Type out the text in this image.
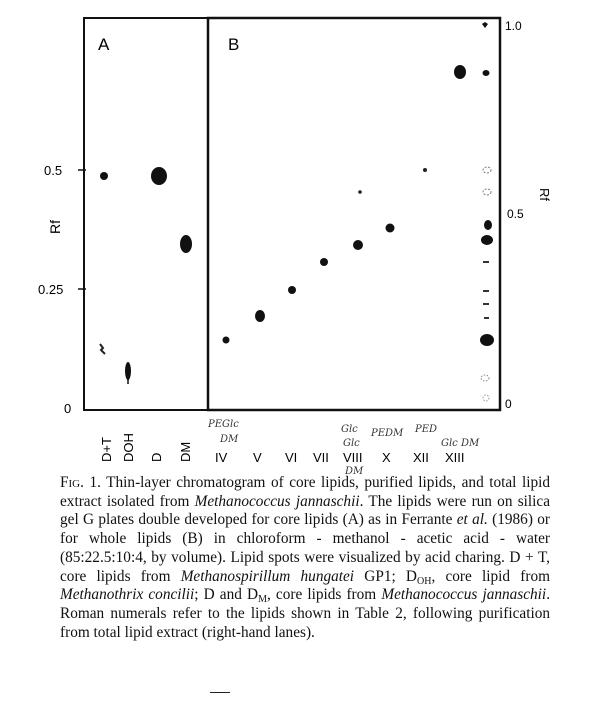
A	B
0.5
0.25
0
Rf
1.0
0.5
0
Rf
D+T DOH D DM IV V VI VII VIII X XII XIII
PEGlc
DM
Glc
Glc
DM
PEDM PED
Glc DM
Fig. 1. Thin-layer chromatogram of core lipids, purified lipids, and total lipid extract isolated from Methanococcus jannaschii. The lipids were run on silica gel G plates double developed for core lipids (A) as in Ferrante et al. (1986) or for whole lipids (B) in chloroform - methanol - acetic acid - water (85:22.5:10:4, by volume). Lipid spots were visualized by acid charing. D + T, core lipids from Methanospirillum hungatei GP1; $D_{OH}$, core lipid from Methanothrix concilii; D and $D_M$, core lipids from Methanococcus jannaschii. Roman numerals refer to the lipids shown in Table 2, following purification from total lipid extract (right-hand lanes).
